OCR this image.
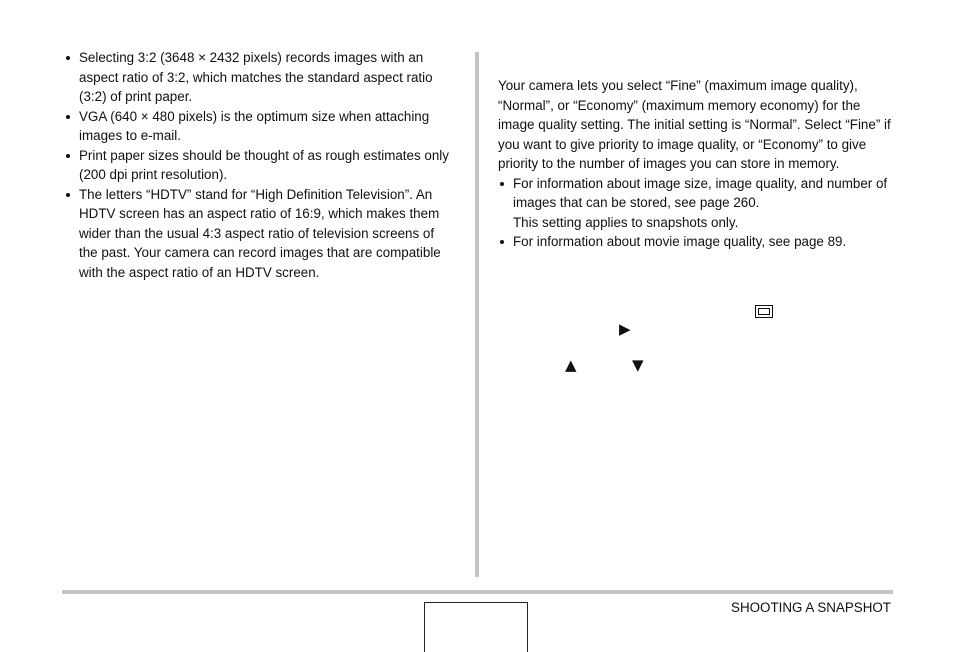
Selecting 3:2 (3648 × 2432 pixels) records images with an aspect ratio of 3:2, which matches the standard aspect ratio (3:2) of print paper.
VGA (640 × 480 pixels) is the optimum size when attaching images to e-mail.
Print paper sizes should be thought of as rough estimates only (200 dpi print resolution).
The letters “HDTV” stand for “High Definition Television”. An HDTV screen has an aspect ratio of 16:9, which makes them wider than the usual 4:3 aspect ratio of television screens of the past. Your camera can record images that are compatible with the aspect ratio of an HDTV screen.

Your camera lets you select “Fine” (maximum image quality), “Normal”, or “Economy” (maximum memory economy) for the image quality setting. The initial setting is “Normal”. Select “Fine” if you want to give priority to image quality, or “Economy” to give priority to the number of images you can store in memory.

For information about image size, image quality, and number of images that can be stored, see page 260.
This setting applies to snapshots only.
For information about movie image quality, see page 89.
▶
▲	▼
SHOOTING A SNAPSHOT
